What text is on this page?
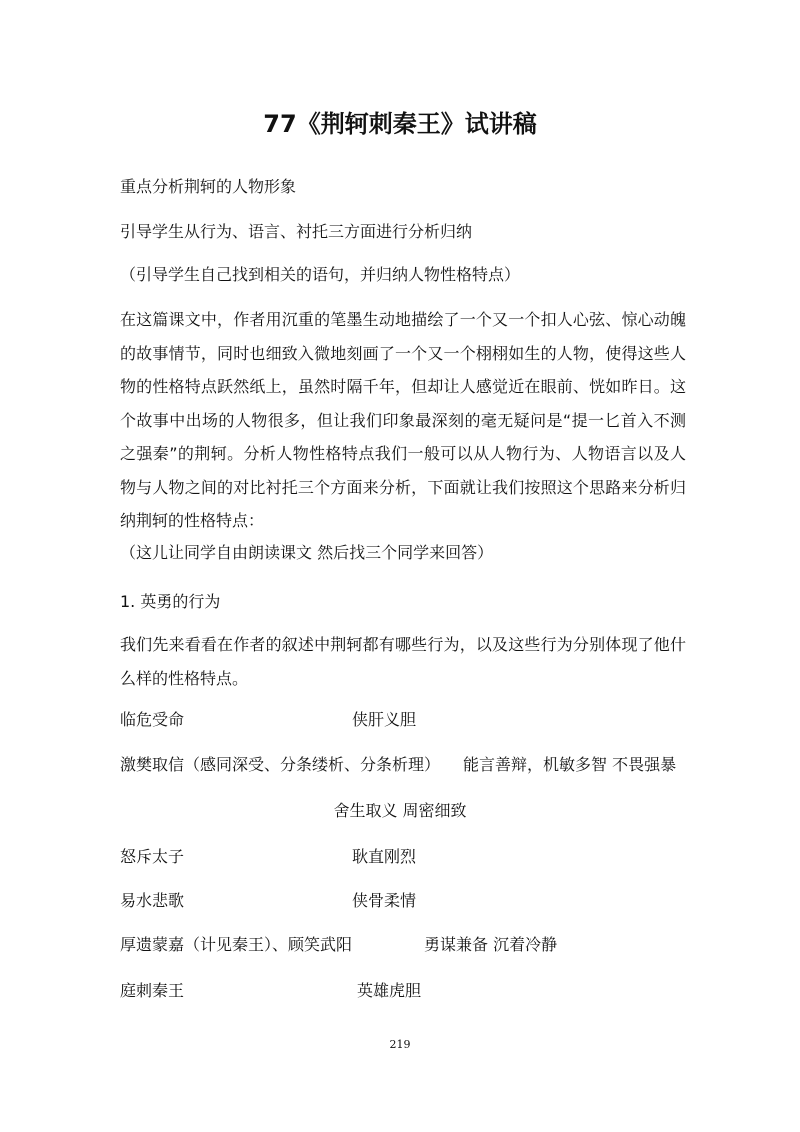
77《荆轲刺秦王》试讲稿
重点分析荆轲的人物形象
引导学生从行为、语言、衬托三方面进行分析归纳
（引导学生自己找到相关的语句，并归纳人物性格特点）
在这篇课文中，作者用沉重的笔墨生动地描绘了一个又一个扣人心弦、惊心动魄的故事情节，同时也细致入微地刻画了一个又一个栩栩如生的人物，使得这些人物的性格特点跃然纸上，虽然时隔千年，但却让人感觉近在眼前、恍如昨日。这个故事中出场的人物很多，但让我们印象最深刻的毫无疑问是“提一匕首入不测之强秦”的荆轲。分析人物性格特点我们一般可以从人物行为、人物语言以及人物与人物之间的对比衬托三个方面来分析，下面就让我们按照这个思路来分析归纳荆轲的性格特点：
（这儿让同学自由朗读课文 然后找三个同学来回答）
1. 英勇的行为
我们先来看看在作者的叙述中荆轲都有哪些行为，以及这些行为分别体现了他什么样的性格特点。
临危受命	侠肝义胆
激樊取信（感同深受、分条缕析、分条析理） 能言善辩，机敏多智 不畏强暴
舍生取义 周密细致
怒斥太子	耿直刚烈
易水悲歌	侠骨柔情
厚遗蒙嘉（计见秦王）、顾笑武阳	勇谋兼备 沉着冷静
庭刺秦王	英雄虎胆
219
